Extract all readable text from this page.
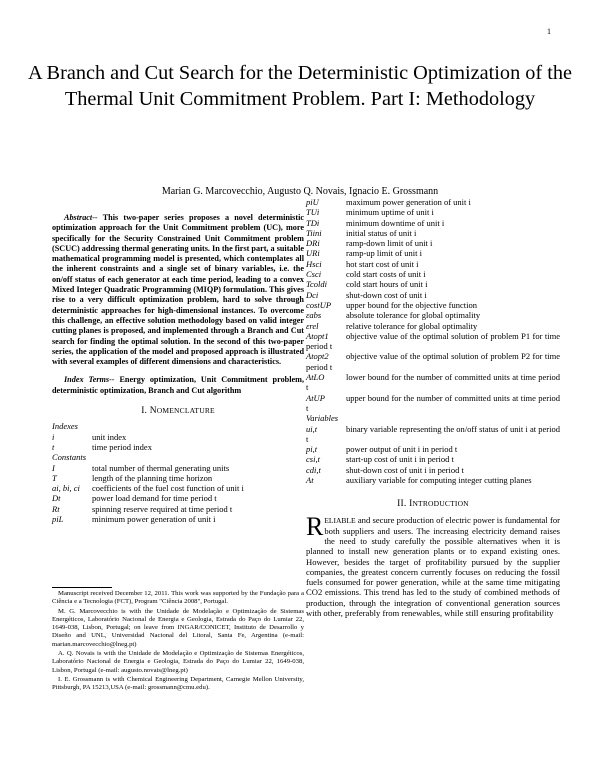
1
A Branch and Cut Search for the Deterministic Optimization of the Thermal Unit Commitment Problem. Part I: Methodology
Marian G. Marcovecchio, Augusto Q. Novais, Ignacio E. Grossmann

Abstract-- This two-paper series proposes a novel deterministic optimization approach for the Unit Commitment problem (UC), more specifically for the Security Constrained Unit Commitment problem (SCUC) addressing thermal generating units. In the first part, a suitable mathematical programming model is presented, which contemplates all the inherent constraints and a single set of binary variables, i.e. the on/off status of each generator at each time period, leading to a convex Mixed Integer Quadratic Programming (MIQP) formulation. This gives rise to a very difficult optimization problem, hard to solve through deterministic approaches for high-dimensional instances. To overcome this challenge, an effective solution methodology based on valid integer cutting planes is proposed, and implemented through a Branch and Cut search for finding the optimal solution. In the second of this two-paper series, the application of the model and proposed approach is illustrated with several examples of different dimensions and characteristics.

Index Terms-- Energy optimization, Unit Commitment problem, deterministic optimization, Branch and Cut algorithm

I. NOMENCLATURE
Indexes
i	unit index
t	time period index
Constants
I	total number of thermal generating units
T	length of the planning time horizon
ai, bi, ci	coefficients of the fuel cost function of unit i
Dt	power load demand for time period t
Rt	spinning reserve required at time period t
piL	minimum power generation of unit i

Manuscript received December 12, 2011. This work was supported by the Fundação para a Ciência e a Tecnologia (FCT), Program "Ciência 2008", Portugal.

M. G. Marcovecchio is with the Unidade de Modelação e Optimização de Sistemas Energéticos, Laboratório Nacional de Energia e Geologia, Estrada do Paço do Lumiar 22, 1649-038, Lisbon, Portugal; on leave from INGAR/CONICET, Instituto de Desarrollo y Diseño and UNL, Universidad Nacional del Litoral, Santa Fe, Argentina (e-mail: marian.marcovecchio@lneg.pt)

A. Q. Novais is with the Unidade de Modelação e Optimização de Sistemas Energéticos, Laboratório Nacional de Energia e Geologia, Estrada do Paço do Lumiar 22, 1649-038, Lisbon, Portugal (e-mail: augusto.novais@lneg.pt)

I. E. Grossmann is with Chemical Engineering Department, Carnegie Mellon University, Pittsburgh, PA 15213,USA (e-mail: grossmann@cmu.edu).

piU	maximum power generation of unit i
TUi	minimum uptime of unit i
TDi	minimum downtime of unit i
Tiini	initial status of unit i
DRi	ramp-down limit of unit i
URi	ramp-up limit of unit i
Hsci	hot start cost of unit i
Csci	cold start costs of unit i
Tcoldi	cold start hours of unit i
Dci	shut-down cost of unit i
costUP	upper bound for the objective function
εabs	absolute tolerance for global optimality
εrel	relative tolerance for global optimality
Atopt1 objective value of the optimal solution of problem P1 for time period t
Atopt2 objective value of the optimal solution of problem P2 for time period t
AtLO	lower bound for the number of committed units at time period t
AtUP upper bound for the number of committed units at time period t
Variables
ui,t	binary variable representing the on/off status of unit i at period t
pi,t	power output of unit i in period t
csi,t	start-up cost of unit i in period t
cdi,t	shut-down cost of unit i in period t
At	auxiliary variable for computing integer cutting planes
II. INTRODUCTION

RELIABLE and secure production of electric power is fundamental for both suppliers and users. The increasing electricity demand raises the need to study carefully the possible alternatives when it is planned to install new generation plants or to expand existing ones. However, besides the target of profitability pursued by the supplier companies, the greatest concern currently focuses on reducing the fossil fuels consumed for power generation, while at the same time mitigating CO2 emissions. This trend has led to the study of combined methods of production, through the integration of conventional generation sources with other, preferably from renewables, while still ensuring profitability
